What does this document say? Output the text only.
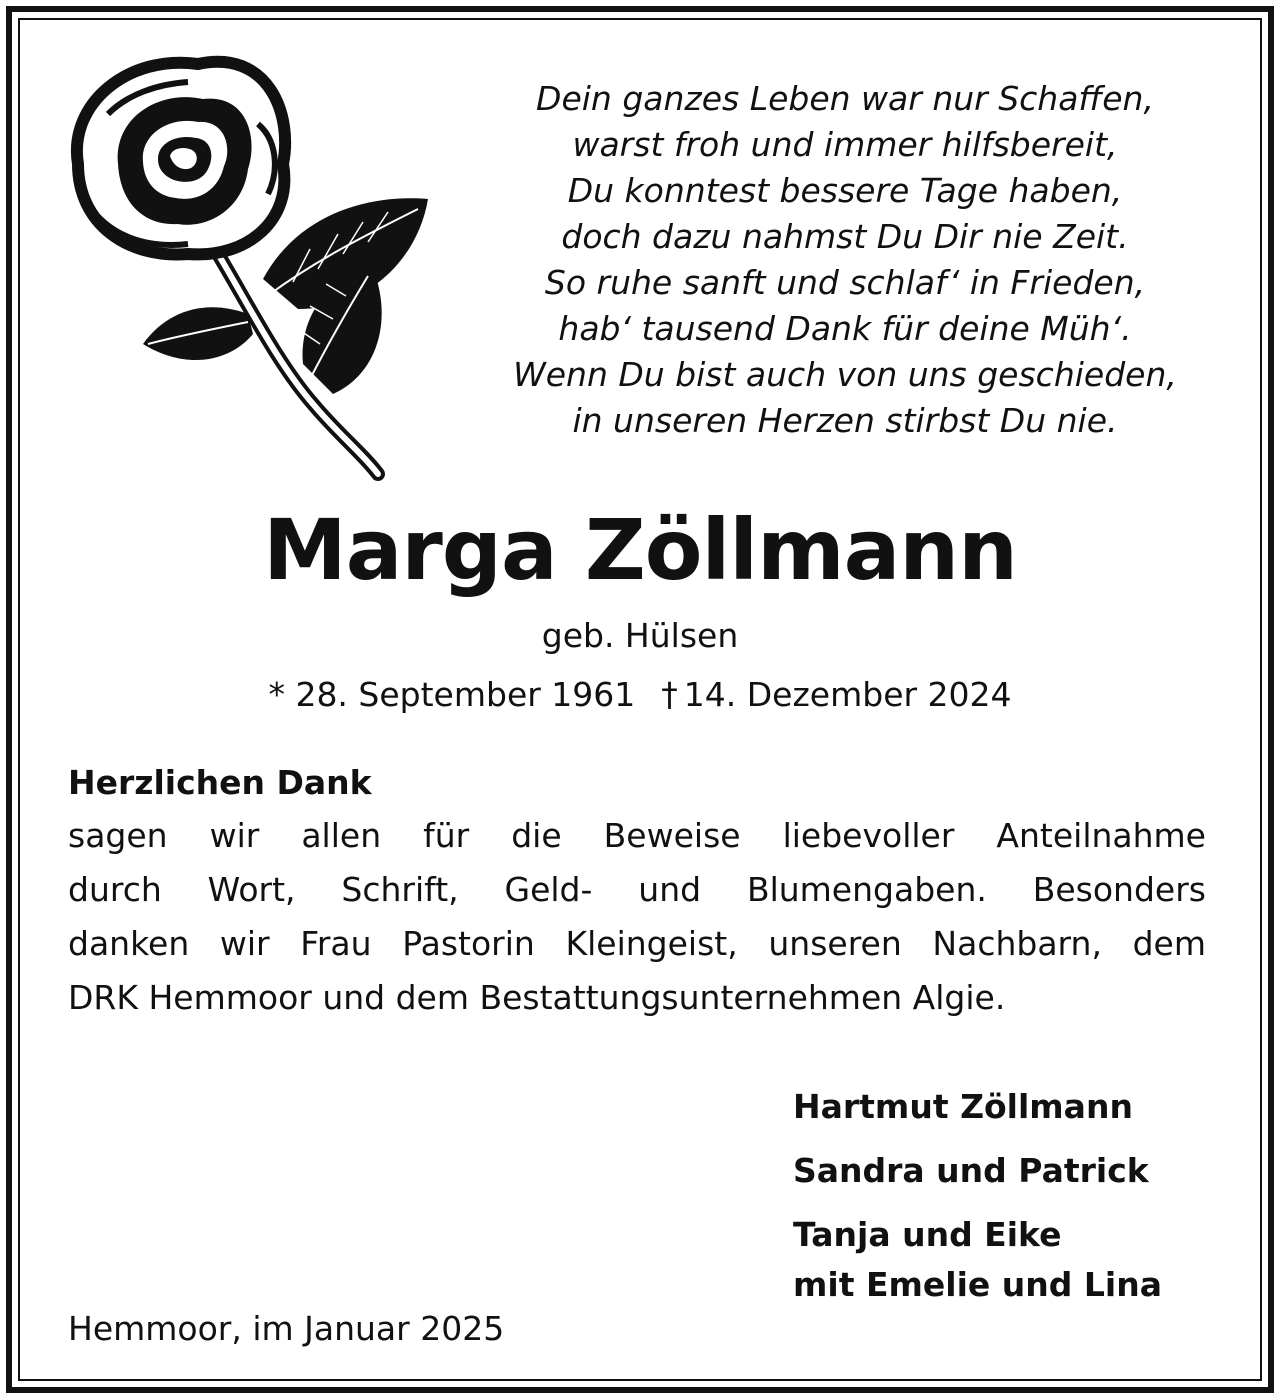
Dein ganzes Leben war nur Schaffen,
warst froh und immer hilfsbereit,
Du konntest bessere Tage haben,
doch dazu nahmst Du Dir nie Zeit.
So ruhe sanft und schlaf‘ in Frieden,
hab‘ tausend Dank für deine Müh‘.
Wenn Du bist auch von uns geschieden,
in unseren Herzen stirbst Du nie.
Marga Zöllmann
geb. Hülsen
* 28. September 1961 † 14. Dezember 2024
Herzlichen Dank
sagen wir allen für die Beweise liebevoller Anteilnahme
durch Wort, Schrift, Geld- und Blumengaben. Besonders
danken wir Frau Pastorin Kleingeist, unseren Nachbarn, dem
DRK Hemmoor und dem Bestattungsunternehmen Algie.
Hartmut Zöllmann
Sandra und Patrick
Tanja und Eike
mit Emelie und Lina
Hemmoor, im Januar 2025
